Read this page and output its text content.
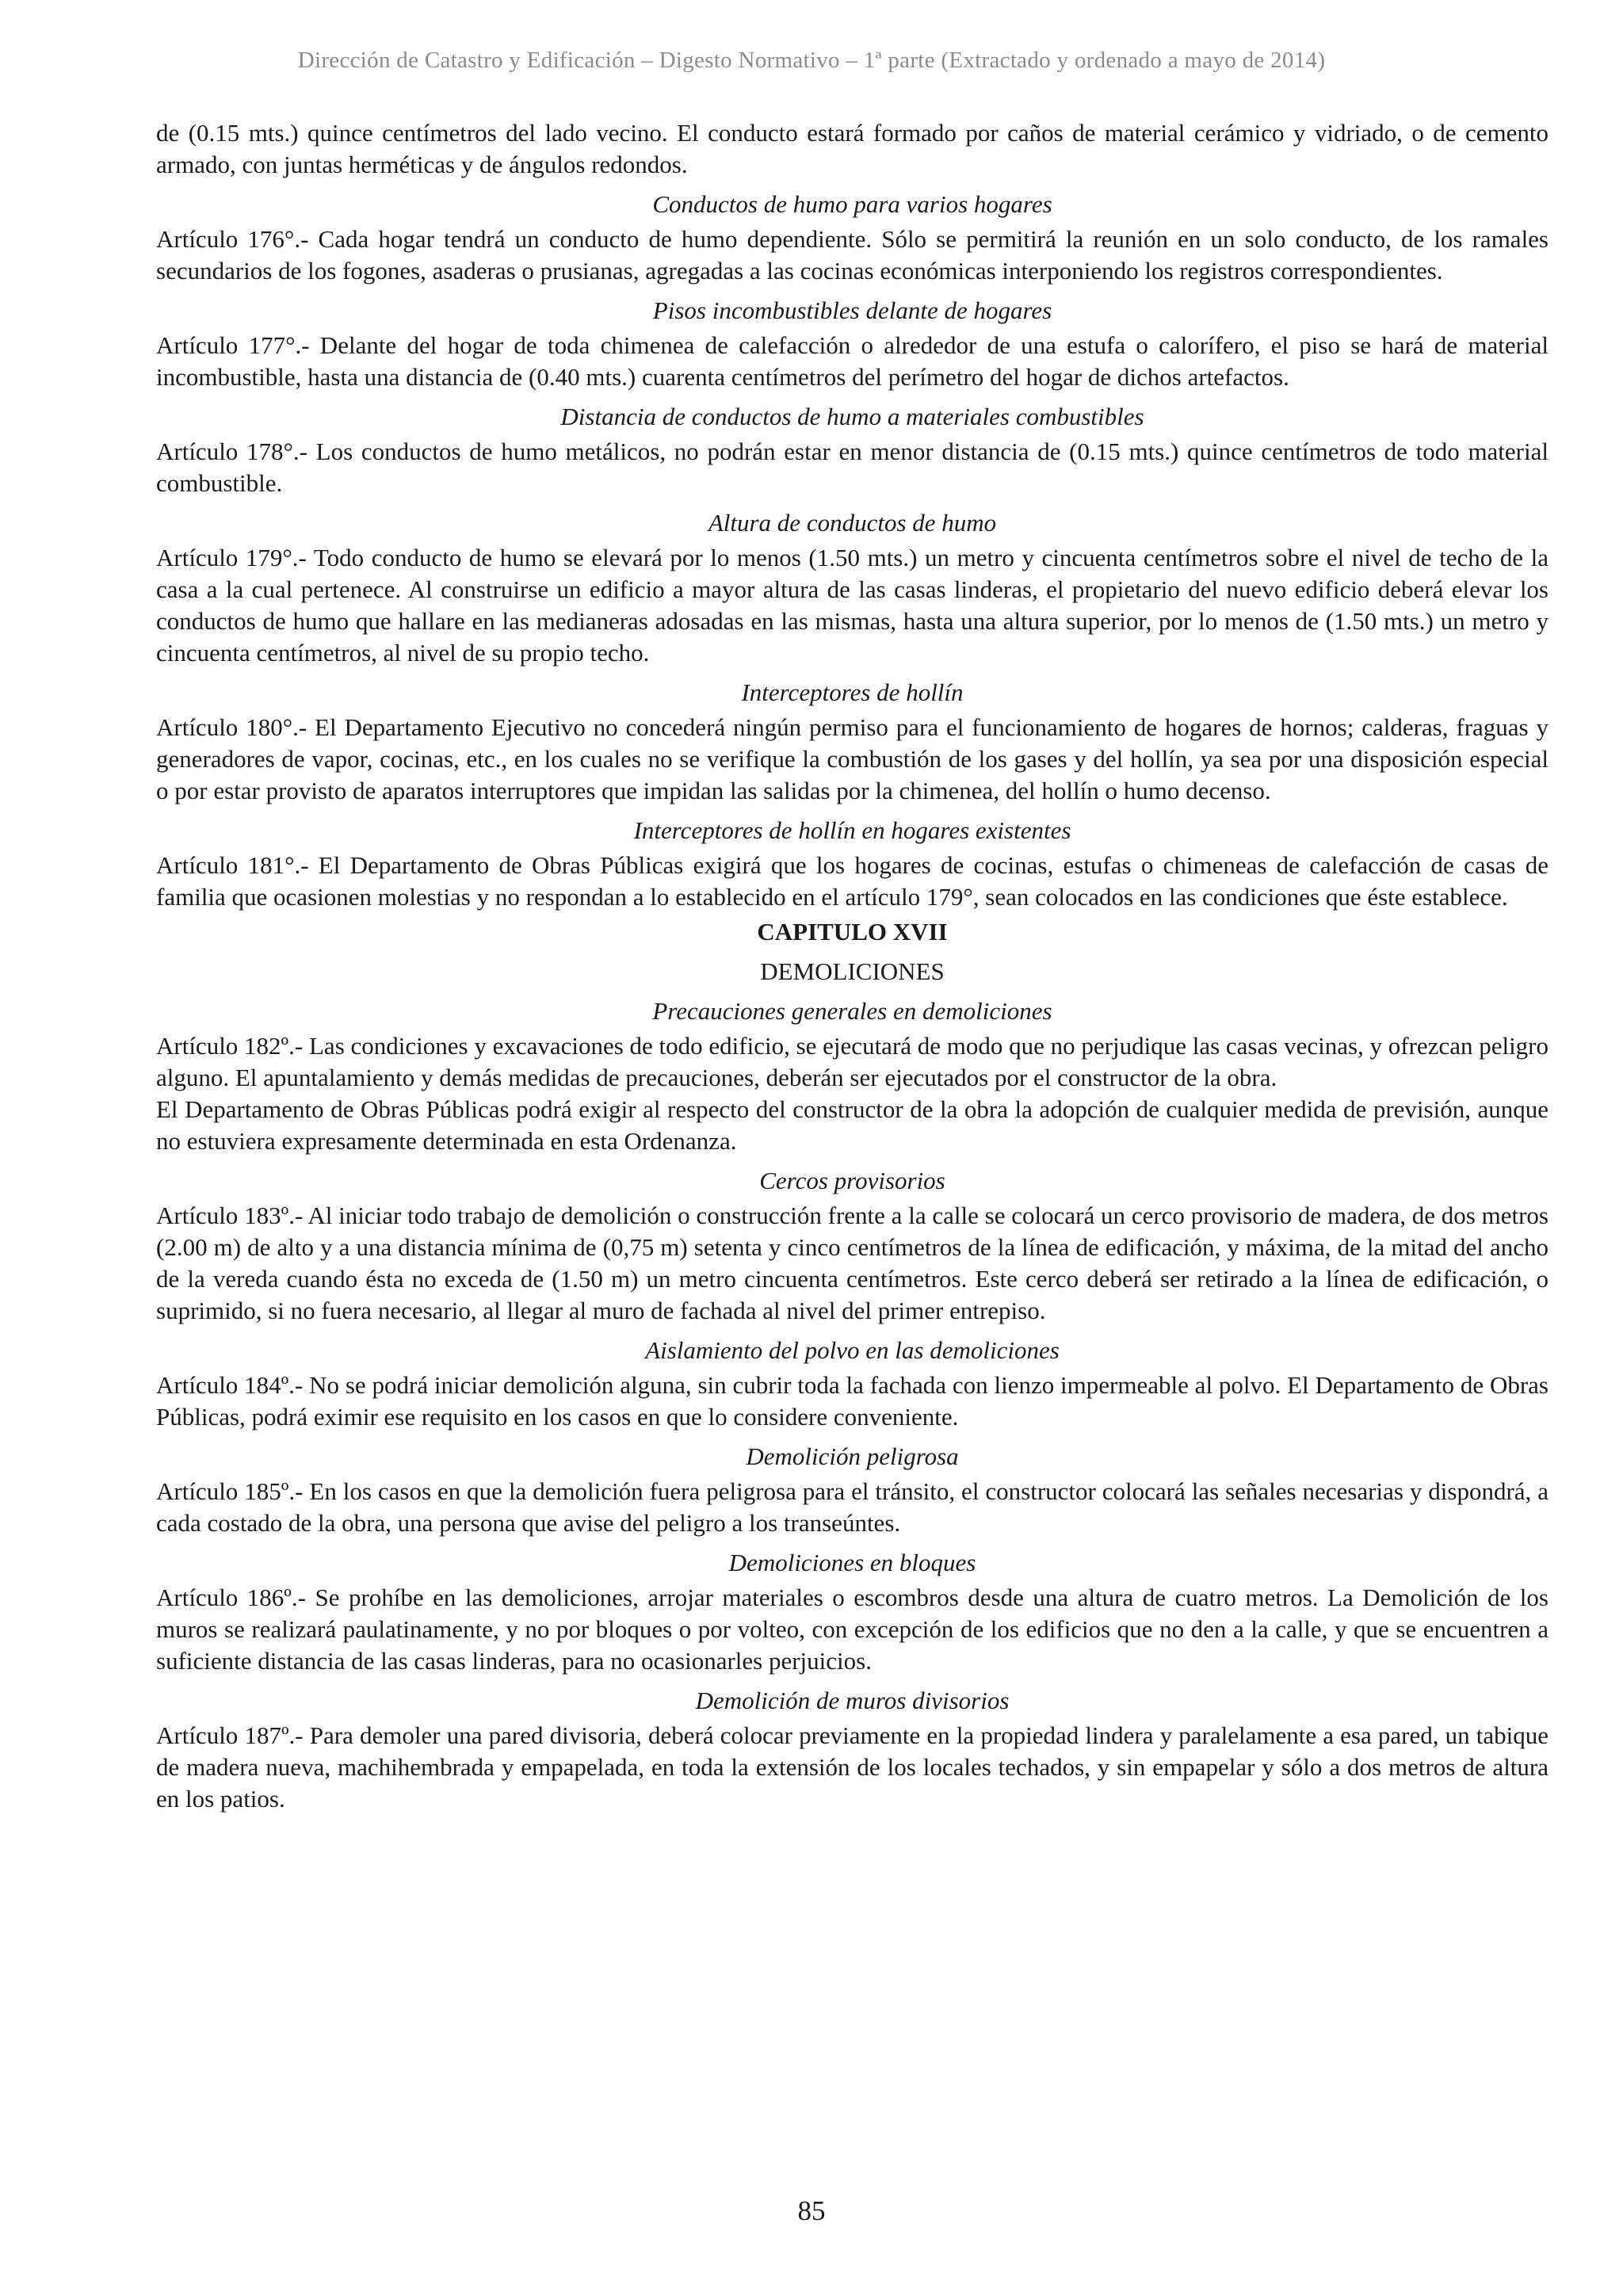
Dirección de Catastro y Edificación – Digesto Normativo – 1ª parte (Extractado y ordenado a mayo de 2014)

de (0.15 mts.) quince centímetros del lado vecino. El conducto estará formado por caños de material cerámico y vidriado, o de cemento armado, con juntas herméticas y de ángulos redondos.

Conductos de humo para varios hogares

Artículo 176°.- Cada hogar tendrá un conducto de humo dependiente. Sólo se permitirá la reunión en un solo conducto, de los ramales secundarios de los fogones, asaderas o prusianas, agregadas a las cocinas económicas interponiendo los registros correspondientes.

Pisos incombustibles delante de hogares

Artículo 177°.- Delante del hogar de toda chimenea de calefacción o alrededor de una estufa o calorífero, el piso se hará de material incombustible, hasta una distancia de (0.40 mts.) cuarenta centímetros del perímetro del hogar de dichos artefactos.

Distancia de conductos de humo a materiales combustibles

Artículo 178°.- Los conductos de humo metálicos, no podrán estar en menor distancia de (0.15 mts.) quince centímetros de todo material combustible.

Altura de conductos de humo

Artículo 179°.- Todo conducto de humo se elevará por lo menos (1.50 mts.) un metro y cincuenta centímetros sobre el nivel de techo de la casa a la cual pertenece. Al construirse un edificio a mayor altura de las casas linderas, el propietario del nuevo edificio deberá elevar los conductos de humo que hallare en las medianeras adosadas en las mismas, hasta una altura superior, por lo menos de (1.50 mts.) un metro y cincuenta centímetros, al nivel de su propio techo.

Interceptores de hollín

Artículo 180°.- El Departamento Ejecutivo no concederá ningún permiso para el funcionamiento de hogares de hornos; calderas, fraguas y generadores de vapor, cocinas, etc., en los cuales no se verifique la combustión de los gases y del hollín, ya sea por una disposición especial o por estar provisto de aparatos interruptores que impidan las salidas por la chimenea, del hollín o humo decenso.

Interceptores de hollín en hogares existentes

Artículo 181°.- El Departamento de Obras Públicas exigirá que los hogares de cocinas, estufas o chimeneas de calefacción de casas de familia que ocasionen molestias y no respondan a lo establecido en el artículo 179°, sean colocados en las condiciones que éste establece.

CAPITULO XVII

DEMOLICIONES

Precauciones generales en demoliciones

Artículo 182º.- Las condiciones y excavaciones de todo edificio, se ejecutará de modo que no perjudique las casas vecinas, y ofrezcan peligro alguno. El apuntalamiento y demás medidas de precauciones, deberán ser ejecutados por el constructor de la obra.

El Departamento de Obras Públicas podrá exigir al respecto del constructor de la obra la adopción de cualquier medida de previsión, aunque no estuviera expresamente determinada en esta Ordenanza.

Cercos provisorios

Artículo 183º.- Al iniciar todo trabajo de demolición o construcción frente a la calle se colocará un cerco provisorio de madera, de dos metros (2.00 m) de alto y a una distancia mínima de (0,75 m) setenta y cinco centímetros de la línea de edificación, y máxima, de la mitad del ancho de la vereda cuando ésta no exceda de (1.50 m) un metro cincuenta centímetros. Este cerco deberá ser retirado a la línea de edificación, o suprimido, si no fuera necesario, al llegar al muro de fachada al nivel del primer entrepiso.

Aislamiento del polvo en las demoliciones

Artículo 184º.- No se podrá iniciar demolición alguna, sin cubrir toda la fachada con lienzo impermeable al polvo. El Departamento de Obras Públicas, podrá eximir ese requisito en los casos en que lo considere conveniente.

Demolición peligrosa

Artículo 185º.- En los casos en que la demolición fuera peligrosa para el tránsito, el constructor colocará las señales necesarias y dispondrá, a cada costado de la obra, una persona que avise del peligro a los transeúntes.

Demoliciones en bloques

Artículo 186º.- Se prohíbe en las demoliciones, arrojar materiales o escombros desde una altura de cuatro metros. La Demolición de los muros se realizará paulatinamente, y no por bloques o por volteo, con excepción de los edificios que no den a la calle, y que se encuentren a suficiente distancia de las casas linderas, para no ocasionarles perjuicios.

Demolición de muros divisorios

Artículo 187º.- Para demoler una pared divisoria, deberá colocar previamente en la propiedad lindera y paralelamente a esa pared, un tabique de madera nueva, machihembrada y empapelada, en toda la extensión de los locales techados, y sin empapelar y sólo a dos metros de altura en los patios.

85
